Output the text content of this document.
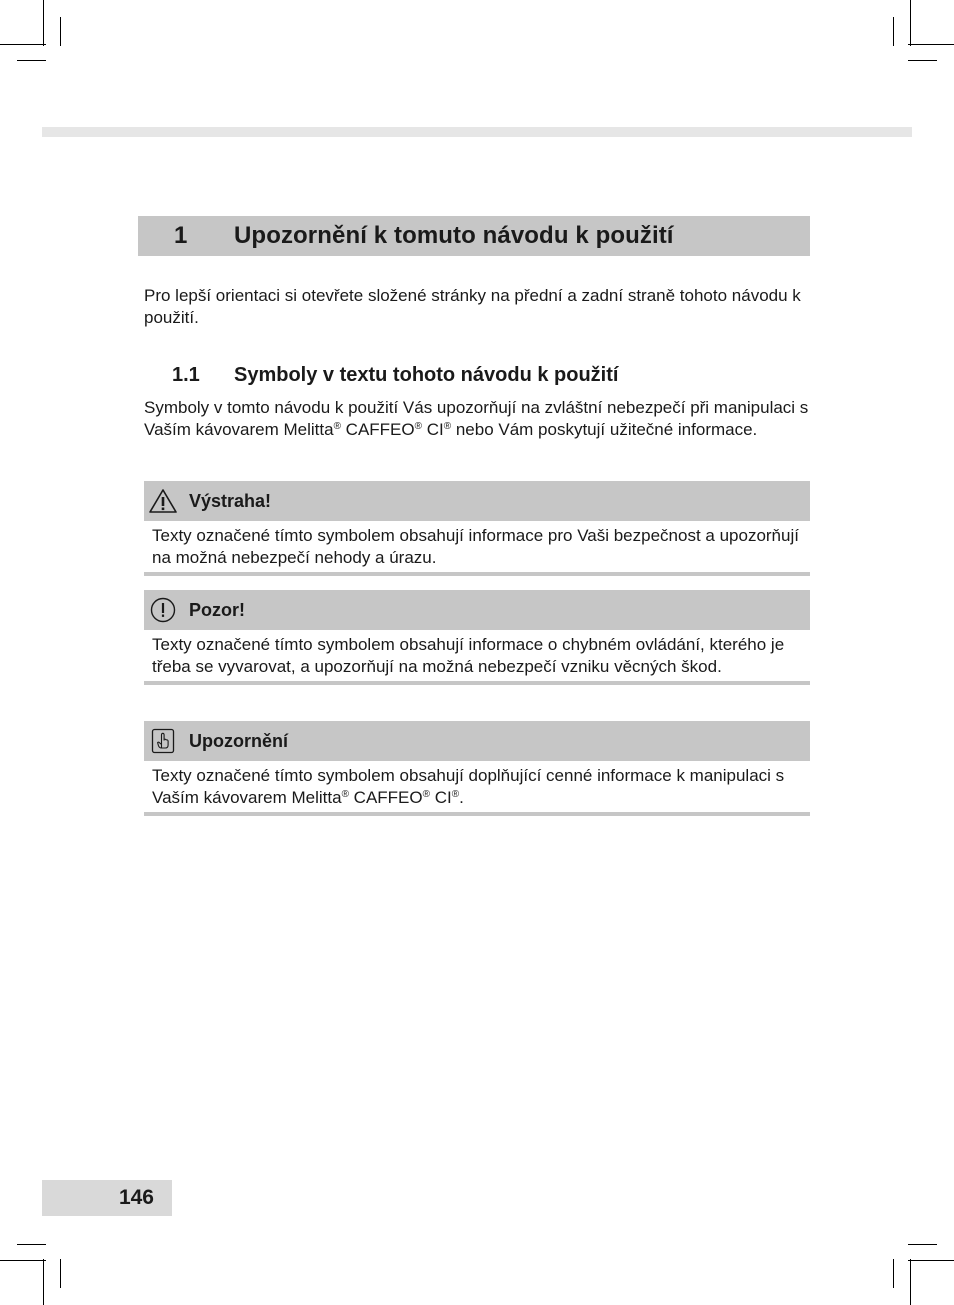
1 Upozornění k tomuto návodu k použití

Pro lepší orientaci si otevřete složené stránky na přední a zadní straně tohoto návodu k použití.

1.1	Symboly v textu tohoto návodu k použití

Symboly v tomto návodu k použití Vás upozorňují na zvláštní nebezpečí při manipulaci s Vaším kávovarem Melitta® CAFFEO® CI® nebo Vám poskytují užitečné informace.

Výstraha!

Texty označené tímto symbolem obsahují informace pro Vaši bezpečnost a upozorňují na možná nebezpečí nehody a úrazu.

Pozor!

Texty označené tímto symbolem obsahují informace o chybném ovládání, kterého je třeba se vyvarovat, a upozorňují na možná nebezpečí vzniku věcných škod.

Upozornění

Texty označené tímto symbolem obsahují doplňující cenné informace k manipulaci s Vaším kávovarem Melitta® CAFFEO® CI®.

146
